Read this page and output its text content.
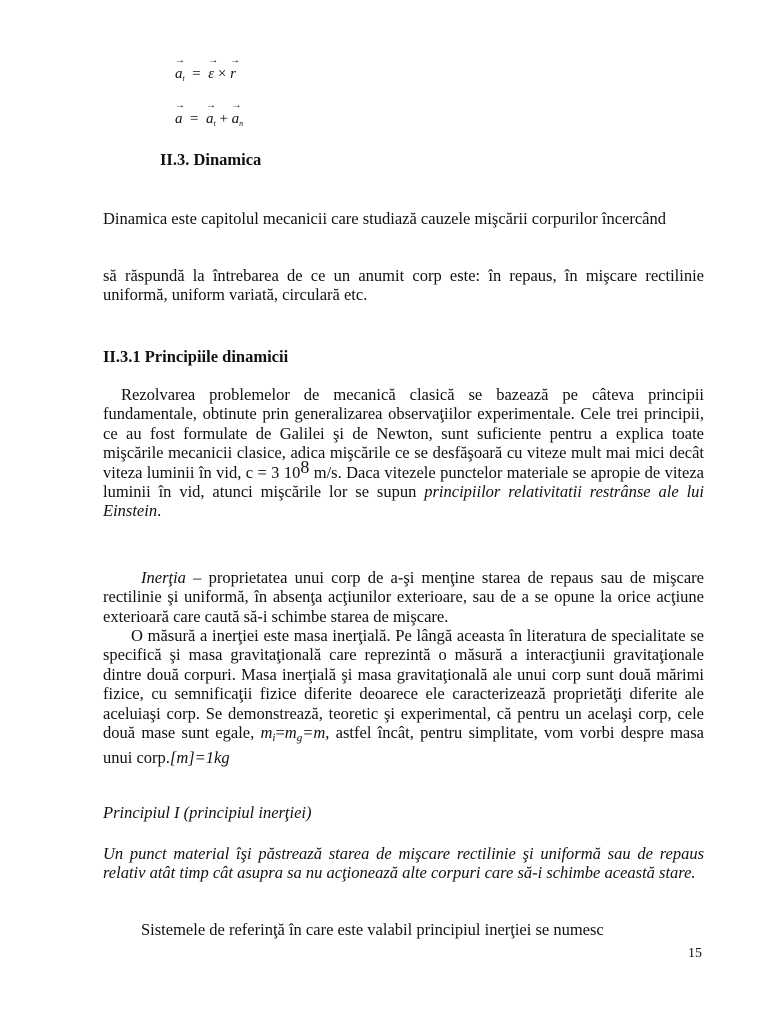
→ $a_t$  =  → ε × → r
→ a  =  → $a_t$ + → $a_n$
II.3. Dinamica
Dinamica este capitolul mecanicii care studiază cauzele mişcării corpurilor încercând
să răspundă la întrebarea de ce un anumit corp este: în repaus, în mişcare rectilinie uniformă, uniform variată, circulară etc.
II.3.1 Principiile dinamicii
Rezolvarea problemelor de mecanică clasică se bazează pe câteva principii fundamentale, obtinute prin generalizarea observaţiilor experimentale. Cele trei principii, ce au fost formulate de Galilei şi de Newton, sunt suficiente pentru a explica toate mişcările mecanicii clasice, adica mişcările ce se desfăşoară cu viteze mult mai mici decât viteza luminii în vid, c = 3 108 m/s. Daca vitezele punctelor materiale se apropie de viteza luminii în vid, atunci mişcările lor se supun principiilor relativitatii restrânse ale lui Einstein.
Inerţia – proprietatea unui corp de a-şi menţine starea de repaus sau de mişcare rectilinie şi uniformă, în absenţa acţiunilor exterioare, sau de a se opune la orice acţiune exterioară care caută să-i schimbe starea de mişcare.
O măsură a inerţiei este masa inerţială. Pe lângă aceasta în literatura de specialitate se specifică şi masa gravitaţională care reprezintă o măsură a interacţiunii gravitaţionale dintre două corpuri. Masa inerţială şi masa gravitaţională ale unui corp sunt două mărimi fizice, cu semnificaţii fizice diferite deoarece ele caracterizează proprietăţi diferite ale aceluiaşi corp. Se demonstrează, teoretic şi experimental, că pentru un acelaşi corp, cele două mase sunt egale, $m_i=m_g=m$, astfel încât, pentru simplitate, vom vorbi despre masa unui corp.[m]=1kg
Principiul I (principiul inerţiei)
Un punct material îşi păstrează starea de mişcare rectilinie şi uniformă sau de repaus relativ atât timp cât asupra sa nu acţionează alte corpuri care să-i schimbe această stare.
Sistemele de referinţă în care este valabil principiul inerţiei se numesc
15
